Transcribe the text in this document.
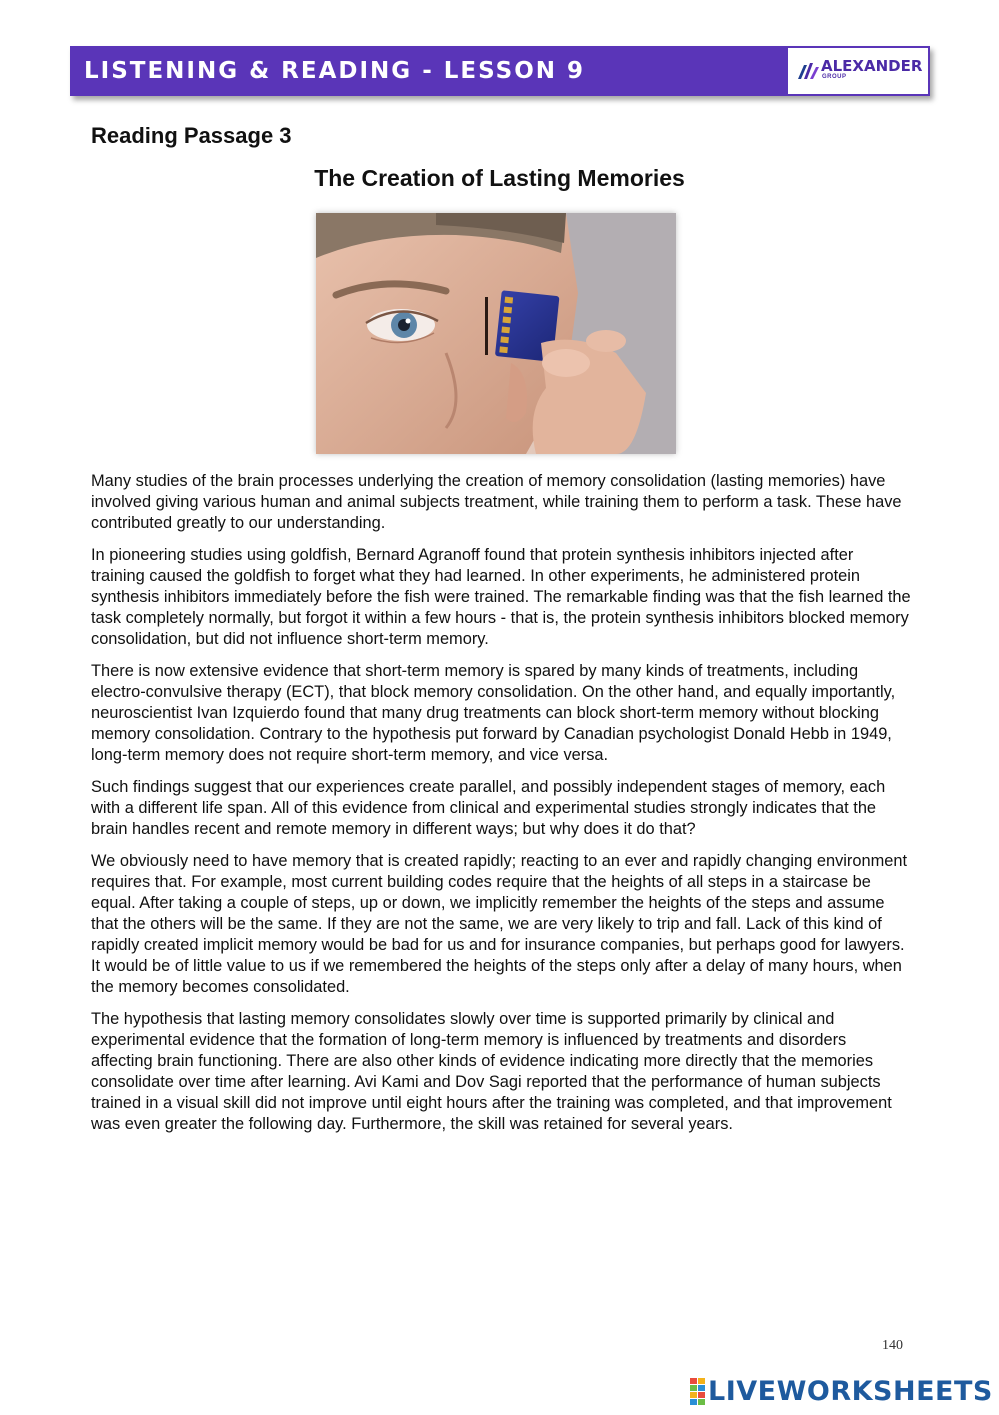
LISTENING & READING - LESSON 9	ALEXANDER
GROUP
Reading Passage 3
The Creation of Lasting Memories

Many studies of the brain processes underlying the creation of memory consolidation (lasting memories) have involved giving various human and animal subjects treatment, while training them to perform a task. These have contributed greatly to our understanding.

In pioneering studies using goldfish, Bernard Agranoff found that protein synthesis inhibitors injected after training caused the goldfish to forget what they had learned. In other experiments, he administered protein synthesis inhibitors immediately before the fish were trained. The remarkable finding was that the fish learned the task completely normally, but forgot it within a few hours - that is, the protein synthesis inhibitors blocked memory consolidation, but did not influence short-term memory.

There is now extensive evidence that short-term memory is spared by many kinds of treatments, including electro-convulsive therapy (ECT), that block memory consolidation. On the other hand, and equally importantly, neuroscientist Ivan Izquierdo found that many drug treatments can block short-term memory without blocking memory consolidation. Contrary to the hypothesis put forward by Canadian psychologist Donald Hebb in 1949, long-term memory does not require short-term memory, and vice versa.

Such findings suggest that our experiences create parallel, and possibly independent stages of memory, each with a different life span. All of this evidence from clinical and experimental studies strongly indicates that the brain handles recent and remote memory in different ways; but why does it do that?

We obviously need to have memory that is created rapidly; reacting to an ever and rapidly changing environment requires that. For example, most current building codes require that the heights of all steps in a staircase be equal. After taking a couple of steps, up or down, we implicitly remember the heights of the steps and assume that the others will be the same. If they are not the same, we are very likely to trip and fall. Lack of this kind of rapidly created implicit memory would be bad for us and for insurance companies, but perhaps good for lawyers. It would be of little value to us if we remembered the heights of the steps only after a delay of many hours, when the memory becomes consolidated.

The hypothesis that lasting memory consolidates slowly over time is supported primarily by clinical and experimental evidence that the formation of long-term memory is influenced by treatments and disorders affecting brain functioning. There are also other kinds of evidence indicating more directly that the memories consolidate over time after learning. Avi Kami and Dov Sagi reported that the performance of human subjects trained in a visual skill did not improve until eight hours after the training was completed, and that improvement was even greater the following day. Furthermore, the skill was retained for several years.

140
LIVEWORKSHEETS
